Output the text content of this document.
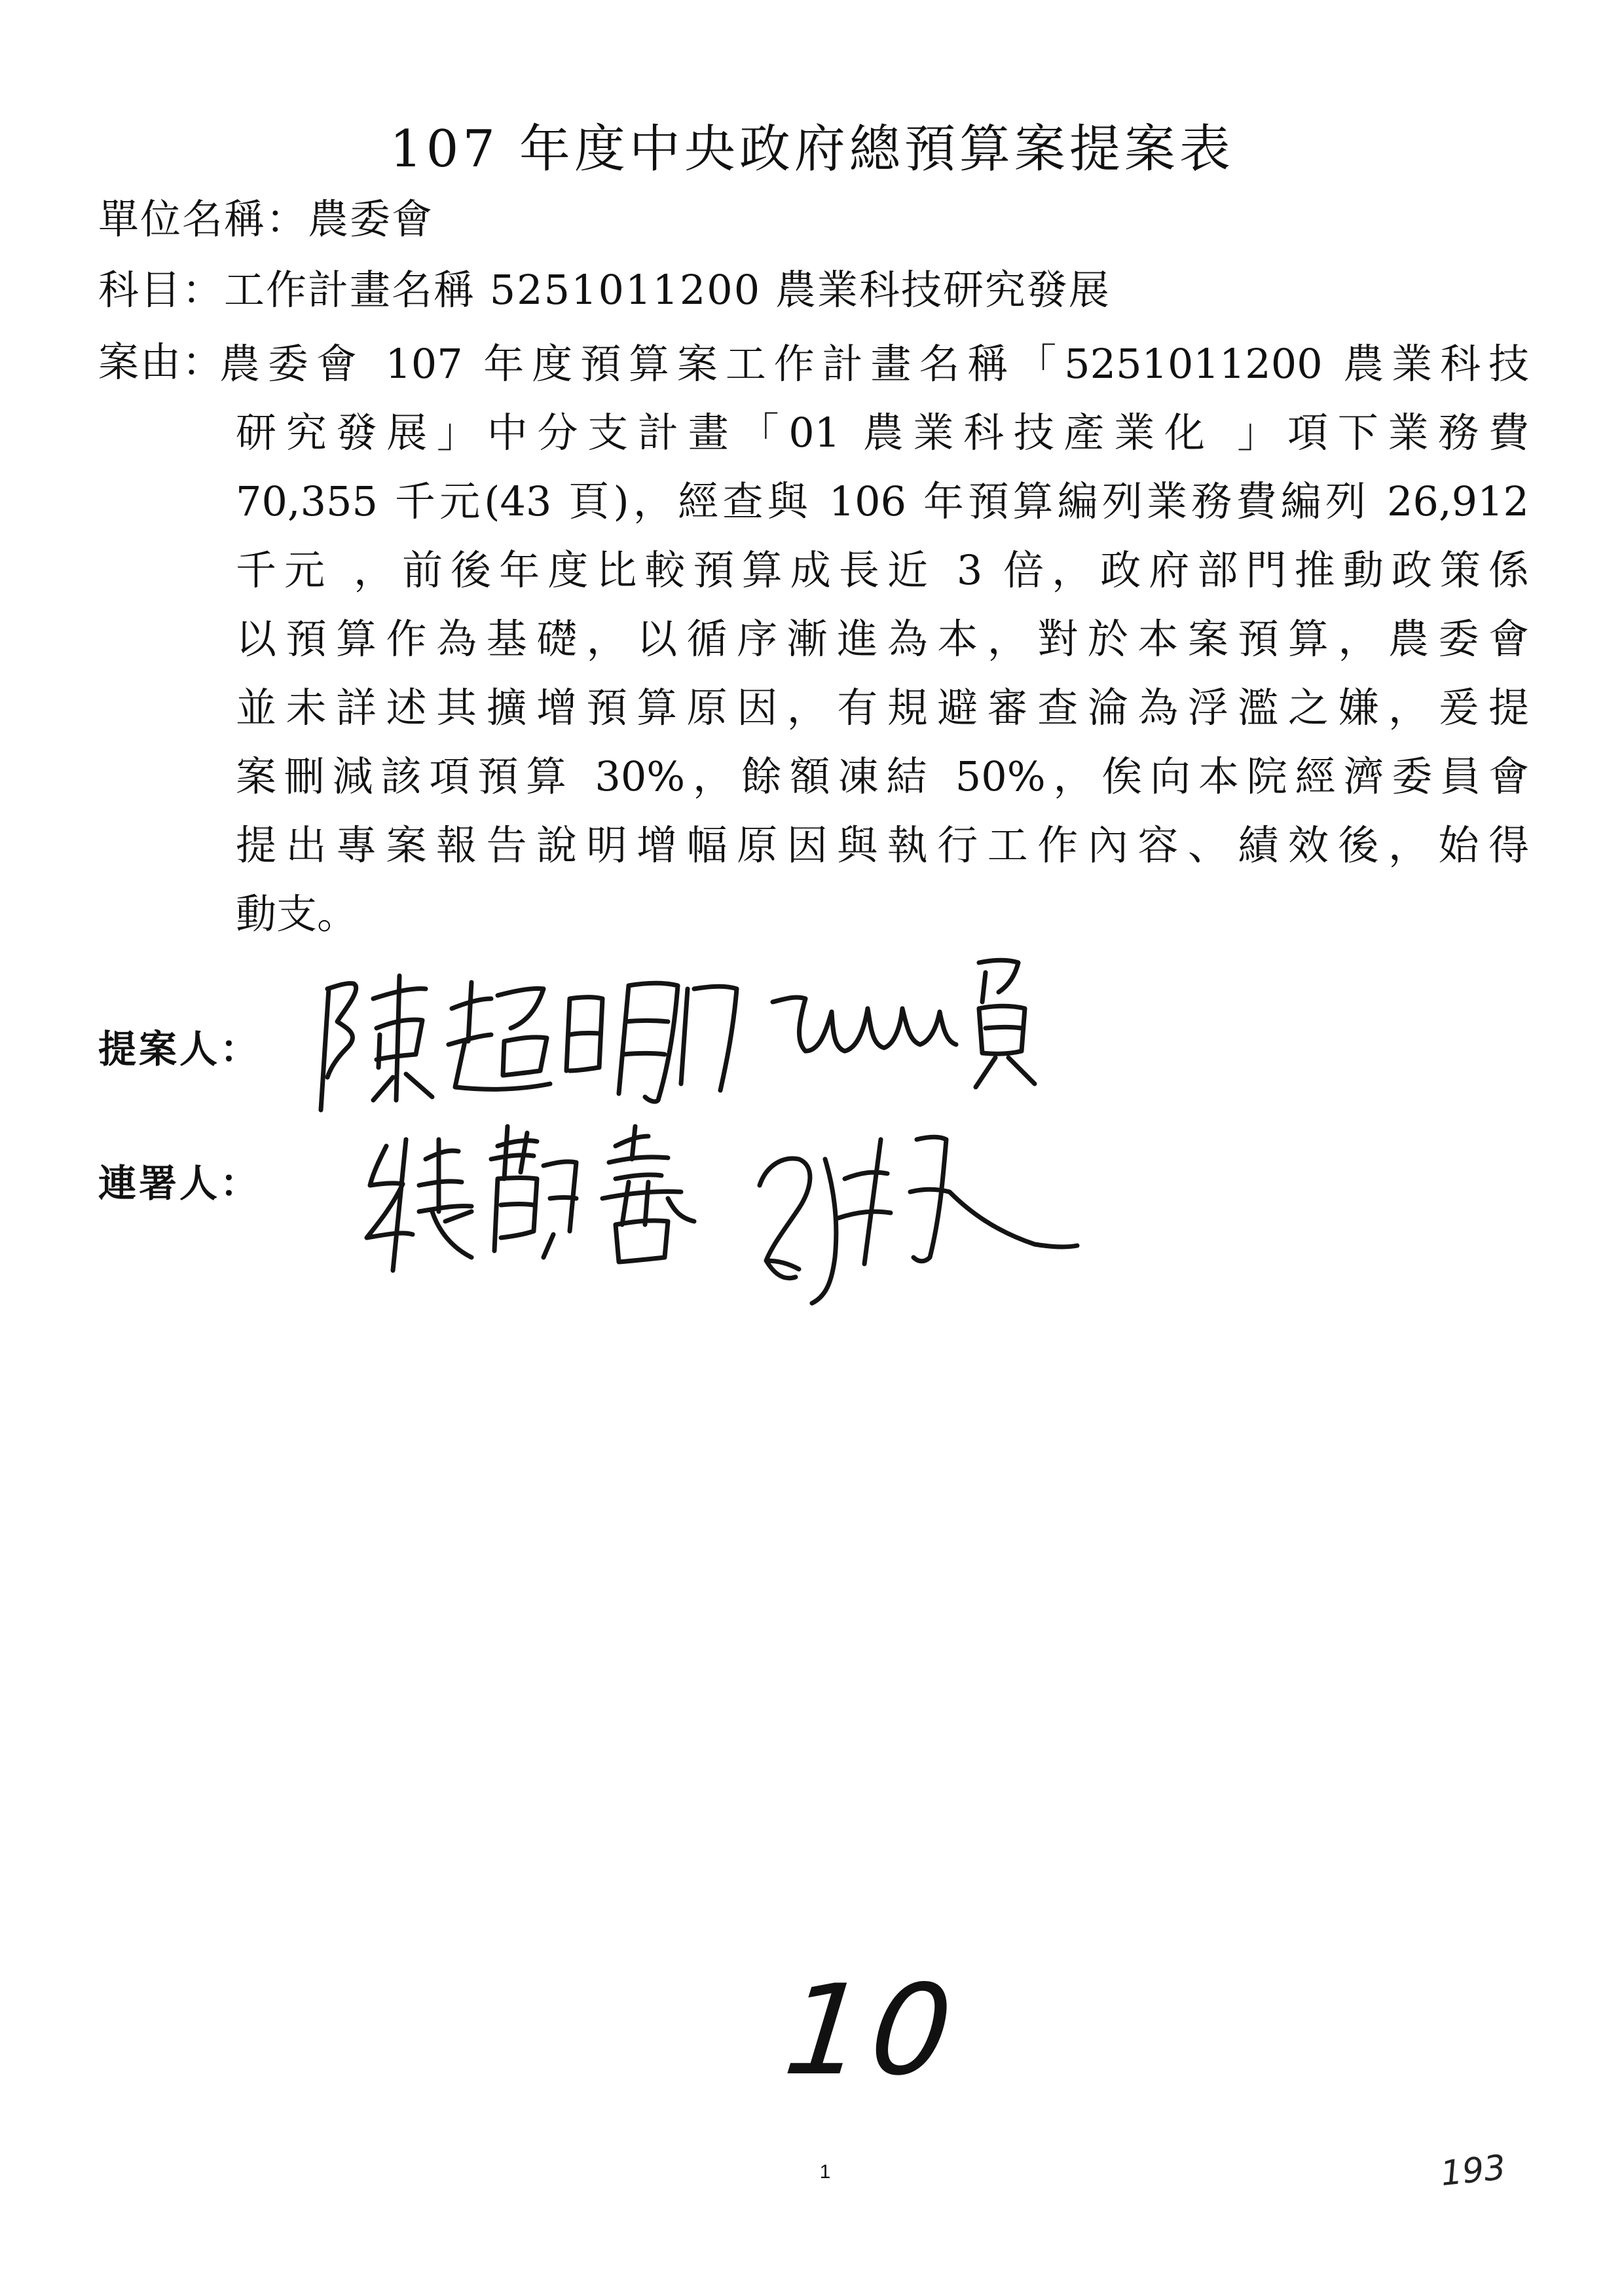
107 年度中央政府總預算案提案表
單位名稱：農委會
科目：工作計畫名稱 5251011200 農業科技研究發展
案由：
農委會 107 年度預算案工作計畫名稱「5251011200 農業科技
研究發展」中分支計畫「01 農業科技產業化 」項下業務費
70,355 千元(43 頁)，經查與 106 年預算編列業務費編列 26,912
千元 ，前後年度比較預算成長近 3 倍，政府部門推動政策係
以預算作為基礎，以循序漸進為本，對於本案預算，農委會
並未詳述其擴增預算原因，有規避審查淪為浮濫之嫌，爰提
案刪減該項預算 30%，餘額凍結 50%，俟向本院經濟委員會
提出專案報告說明增幅原因與執行工作內容、績效後，始得
動支。
提案人：
連署人：
10
1	193
